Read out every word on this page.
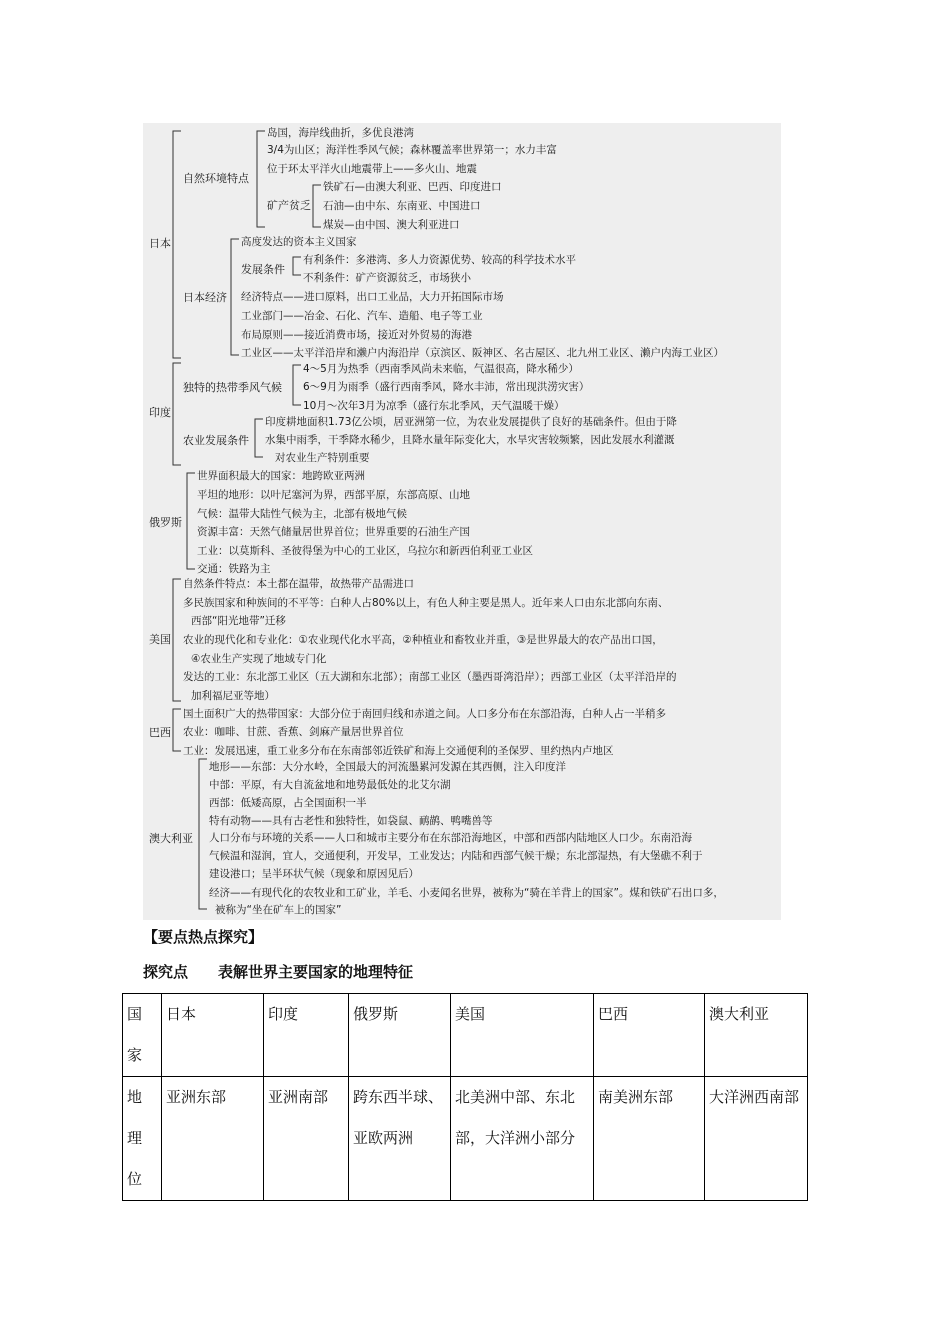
日本
自然环境特点
岛国，海岸线曲折，多优良港湾
3/4为山区；海洋性季风气候；森林覆盖率世界第一；水力丰富
位于环太平洋火山地震带上——多火山、地震
矿产贫乏
铁矿石—由澳大利亚、巴西、印度进口
石油—由中东、东南亚、中国进口
煤炭—由中国、澳大利亚进口
日本经济
高度发达的资本主义国家
发展条件
有利条件：多港湾、多人力资源优势、较高的科学技术水平
不利条件：矿产资源贫乏，市场狭小
经济特点——进口原料，出口工业品，大力开拓国际市场
工业部门——冶金、石化、汽车、造船、电子等工业
布局原则——接近消费市场，接近对外贸易的海港
工业区——太平洋沿岸和濑户内海沿岸（京滨区、阪神区、名古屋区、北九州工业区、濑户内海工业区）
印度
独特的热带季风气候
4～5月为热季（西南季风尚未来临，气温很高，降水稀少）
6～9月为雨季（盛行西南季风，降水丰沛，常出现洪涝灾害）
10月～次年3月为凉季（盛行东北季风，天气温暖干燥）
农业发展条件
印度耕地面积1.73亿公顷，居亚洲第一位，为农业发展提供了良好的基础条件。但由于降
水集中雨季，干季降水稀少，且降水量年际变化大，水旱灾害较频繁，因此发展水利灌溉
对农业生产特别重要
俄罗斯
世界面积最大的国家：地跨欧亚两洲
平坦的地形：以叶尼塞河为界，西部平原，东部高原、山地
气候：温带大陆性气候为主，北部有极地气候
资源丰富：天然气储量居世界首位；世界重要的石油生产国
工业：以莫斯科、圣彼得堡为中心的工业区，乌拉尔和新西伯利亚工业区
交通：铁路为主
美国
自然条件特点：本土都在温带，故热带产品需进口
多民族国家和种族间的不平等：白种人占80%以上，有色人种主要是黑人。近年来人口由东北部向东南、
西部“阳光地带”迁移
农业的现代化和专业化：①农业现代化水平高，②种植业和畜牧业并重，③是世界最大的农产品出口国，
④农业生产实现了地域专门化
发达的工业：东北部工业区（五大湖和东北部）；南部工业区（墨西哥湾沿岸）；西部工业区（太平洋沿岸的
加利福尼亚等地）
巴西
国土面积广大的热带国家：大部分位于南回归线和赤道之间。人口多分布在东部沿海，白种人占一半稍多
农业：咖啡、甘蔗、香蕉、剑麻产量居世界首位
工业：发展迅速，重工业多分布在东南部邻近铁矿和海上交通便利的圣保罗、里约热内卢地区
澳大利亚
地形——东部：大分水岭，全国最大的河流墨累河发源在其西侧，注入印度洋
中部：平原，有大自流盆地和地势最低处的北艾尔湖
西部：低矮高原，占全国面积一半
特有动物——具有古老性和独特性，如袋鼠、鸸鹋、鸭嘴兽等
人口分布与环境的关系——人口和城市主要分布在东部沿海地区，中部和西部内陆地区人口少。东南沿海
气候温和湿润，宜人，交通便利，开发早，工业发达；内陆和西部气候干燥；东北部湿热，有大堡礁不利于
建设港口；呈半环状气候（现象和原因见后）
经济——有现代化的农牧业和工矿业，羊毛、小麦闻名世界，被称为“骑在羊背上的国家”。煤和铁矿石出口多，
被称为“坐在矿车上的国家”
【要点热点探究】
探究点　　表解世界主要国家的地理特征
国家	日本	印度	俄罗斯	美国	巴西	澳大利亚

地理位	亚洲东部	亚洲南部	跨东西半球、亚欧两洲	北美洲中部、东北部，大洋洲小部分	南美洲东部	大洋洲西南部
